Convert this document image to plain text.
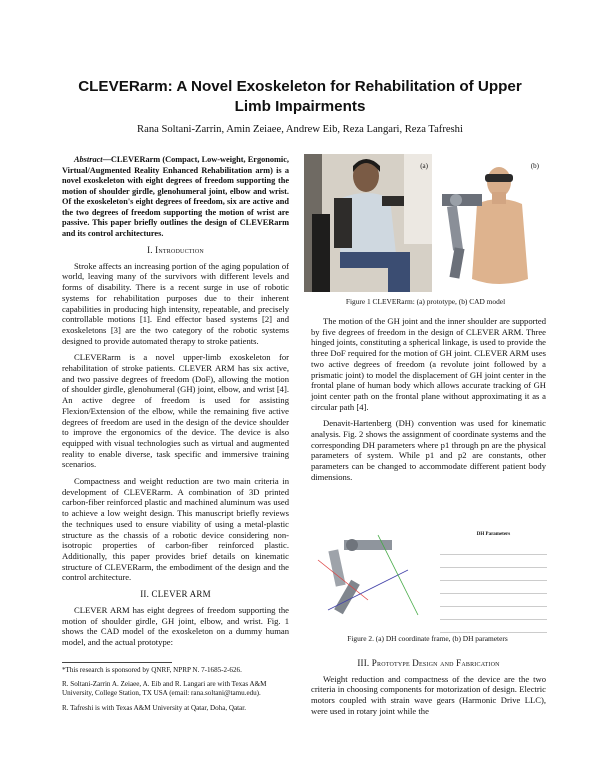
CLEVERarm: A Novel Exoskeleton for Rehabilitation of Upper
Limb Impairments
Rana Soltani-Zarrin, Amin Zeiaee, Andrew Eib, Reza Langari, Reza Tafreshi

Abstract—CLEVERarm (Compact, Low-weight, Ergonomic, Virtual/Augmented Reality Enhanced Rehabilitation arm) is a novel exoskeleton with eight degrees of freedom supporting the motion of shoulder girdle, glenohumeral joint, elbow and wrist. Of the exoskeleton's eight degrees of freedom, six are active and the two degrees of freedom supporting the motion of wrist are passive. This paper briefly outlines the design of CLEVERarm and its control architectures.

I. Introduction

Stroke affects an increasing portion of the aging population of world, leaving many of the survivors with different levels and forms of disability. There is a recent surge in use of robotic systems for rehabilitation purposes due to their inherent capabilities in producing high intensity, repeatable, and precisely controllable motions [1]. End effector based systems [2] and exoskeletons [3] are the two category of the robotic systems designed to provide automated therapy to stroke patients.

CLEVERarm is a novel upper-limb exoskeleton for rehabilitation of stroke patients. CLEVER ARM has six active, and two passive degrees of freedom (DoF), allowing the motion of shoulder girdle, glenohumeral (GH) joint, elbow, and wrist [4]. An active degree of freedom is used for assisting Flexion/Extension of the elbow, while the remaining five active degrees of freedom are used in the design of the device shoulder to improve the ergonomics of the device. The device is also equipped with visual technologies such as virtual and augmented reality to enable diverse, task specific and immersive training scenarios.

Compactness and weight reduction are two main criteria in development of CLEVERarm. A combination of 3D printed carbon-fiber reinforced plastic and machined aluminum was used to achieve a low weight design. This manuscript briefly reviews the techniques used to ensure viability of using a metal-plastic structure as the chassis of a robotic device considering non-isotropic properties of carbon-fiber reinforced plastic. Additionally, this paper provides brief details on kinematic structure of CLEVERarm, the embodiment of the design and the control architecture.

II. CLEVER ARM

CLEVER ARM has eight degrees of freedom supporting the motion of shoulder girdle, GH joint, elbow, and wrist. Fig. 1 shows the CAD model of the exoskeleton on a dummy human model, and the actual prototype:

*This research is sponsored by QNRF, NPRP N. 7-1685-2-626.

R. Soltani-Zarrin A. Zeiaee, A. Eib and R. Langari are with Texas A&M University, College Station, TX USA (email: rana.soltani@tamu.edu).

R. Tafreshi is with Texas A&M University at Qatar, Doha, Qatar.

(a)	(b)
Figure 1 CLEVERarm: (a) prototype, (b) CAD model

The motion of the GH joint and the inner shoulder are supported by five degrees of freedom in the design of CLEVER ARM. Three hinged joints, constituting a spherical linkage, is used to provide the three DoF required for the motion of GH joint. CLEVER ARM uses two active degrees of freedom (a revolute joint followed by a prismatic joint) to model the displacement of GH joint center in the frontal plane of human body which allows accurate tracking of GH joint center path on the frontal plane without approximating it as a circular path [4].

Denavit-Hartenberg (DH) convention was used for kinematic analysis. Fig. 2 shows the assignment of coordinate systems and the corresponding DH parameters where p1 through pn are the physical parameters of system. While p1 and p2 are constants, other parameters can be changed to accommodate different patient body dimensions.

DH Parameters

Figure 2. (a) DH coordinate frame, (b) DH parameters
III. Prototype Design and Fabrication

Weight reduction and compactness of the device are the two criteria in choosing components for motorization of design. Electric motors coupled with strain wave gears (Harmonic Drive LLC), were used in rotary joint while the
